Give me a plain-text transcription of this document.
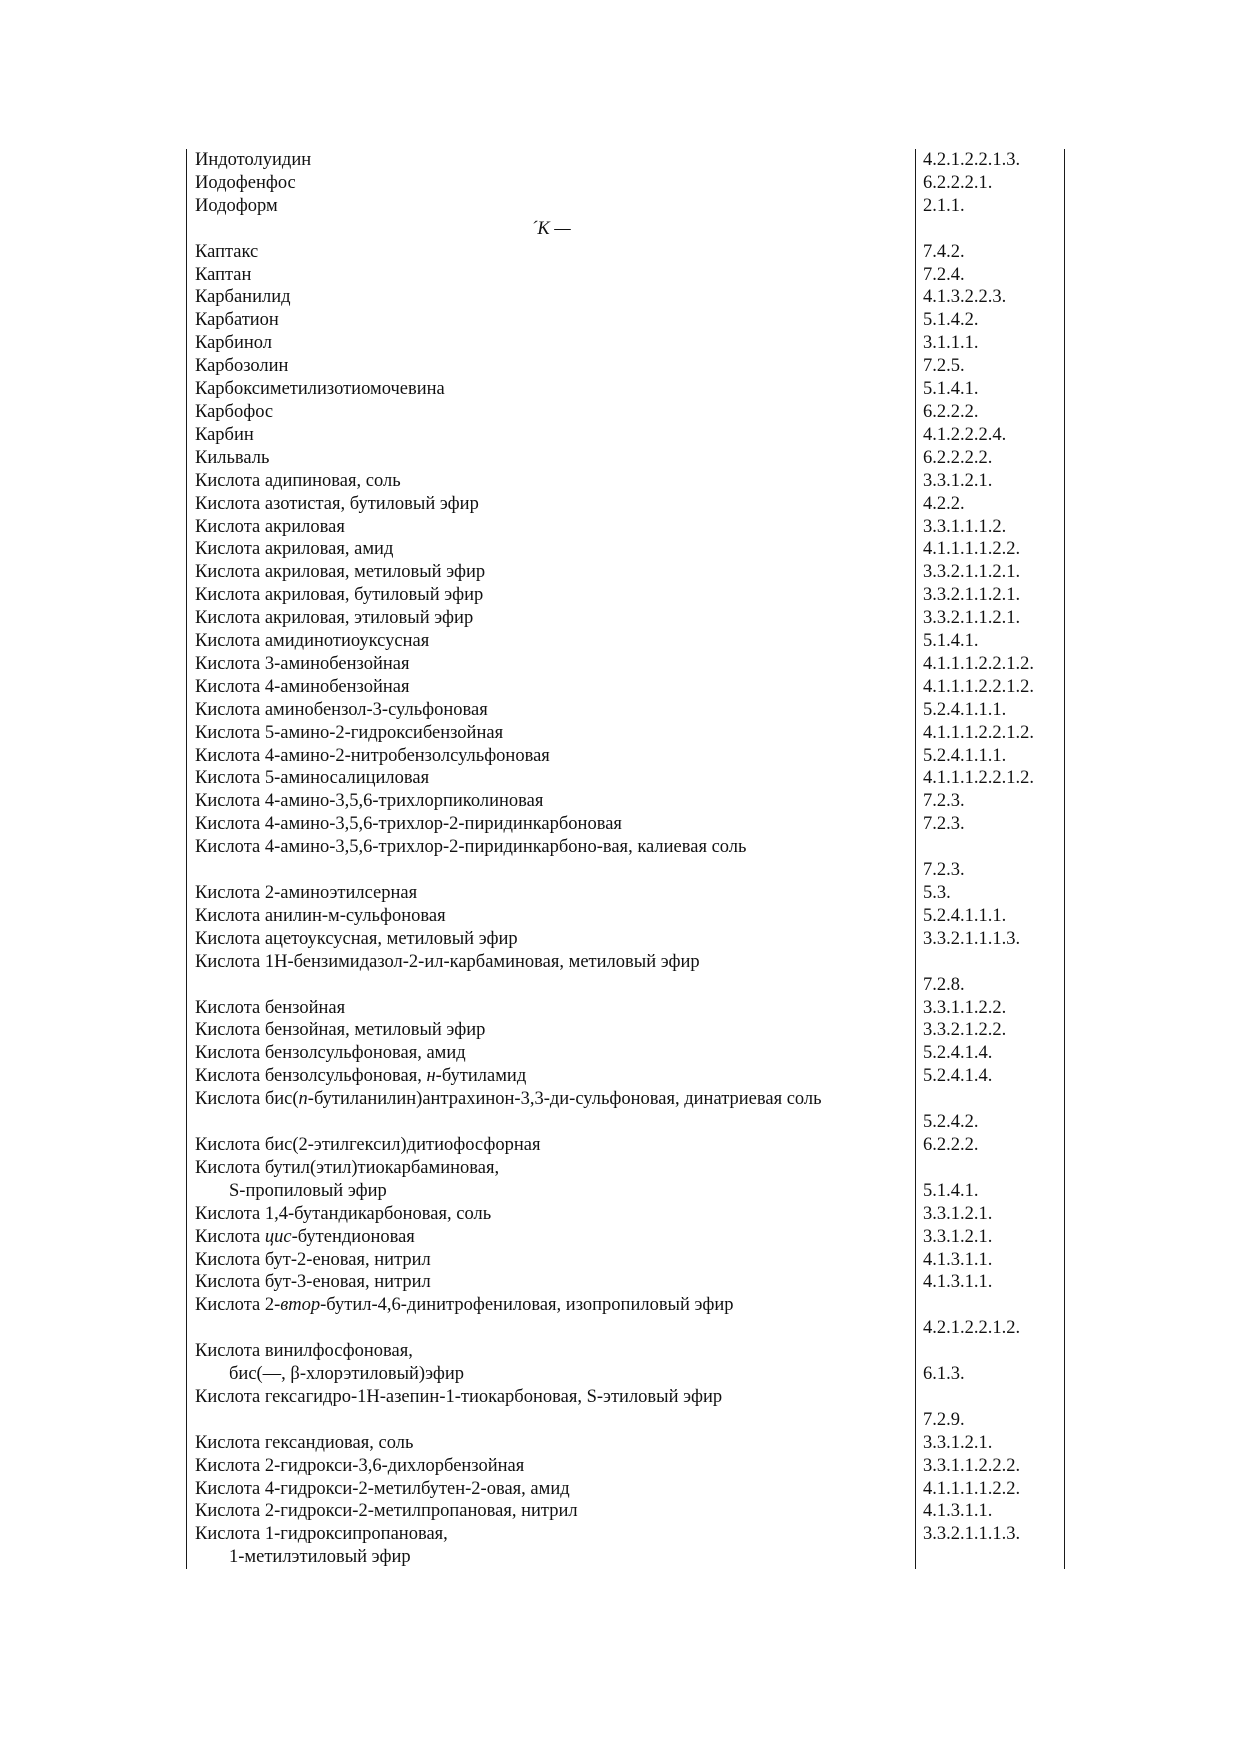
Индотолуидин	4.2.1.2.2.1.3.
Иодофенфос	6.2.2.2.1.
Иодоформ	2.1.1.
´К —
Каптакс	7.4.2.
Каптан	7.2.4.
Карбанилид	4.1.3.2.2.3.
Карбатион	5.1.4.2.
Карбинол	3.1.1.1.
Карбозолин	7.2.5.
Карбоксиметилизотиомочевина	5.1.4.1.
Карбофос	6.2.2.2.
Карбин	4.1.2.2.2.4.
Кильваль	6.2.2.2.2.
Кислота адипиновая, соль	3.3.1.2.1.
Кислота азотистая, бутиловый эфир	4.2.2.
Кислота акриловая	3.3.1.1.1.2.
Кислота акриловая, амид	4.1.1.1.1.2.2.
Кислота акриловая, метиловый эфир	3.3.2.1.1.2.1.
Кислота акриловая, бутиловый эфир	3.3.2.1.1.2.1.
Кислота акриловая, этиловый эфир	3.3.2.1.1.2.1.
Кислота амидинотиоуксусная	5.1.4.1.
Кислота 3-аминобензойная	4.1.1.1.2.2.1.2.
Кислота 4-аминобензойная	4.1.1.1.2.2.1.2.
Кислота аминобензол-3-сульфоновая	5.2.4.1.1.1.
Кислота 5-амино-2-гидроксибензойная	4.1.1.1.2.2.1.2.
Кислота 4-амино-2-нитробензолсульфоновая	5.2.4.1.1.1.
Кислота 5-аминосалициловая	4.1.1.1.2.2.1.2.
Кислота 4-амино-3,5,6-трихлорпиколиновая	7.2.3.
Кислота 4-амино-3,5,6-трихлор-2-пиридинкарбоновая	7.2.3.
Кислота 4-амино-3,5,6-трихлор-2-пиридинкарбоно-вая, калиевая соль
7.2.3.
Кислота 2-аминоэтилсерная	5.3.
Кислота анилин-м-сульфоновая	5.2.4.1.1.1.
Кислота ацетоуксусная, метиловый эфир	3.3.2.1.1.1.3.
Кислота 1Н-бензимидазол-2-ил-карбаминовая, метиловый эфир
7.2.8.
Кислота бензойная	3.3.1.1.2.2.
Кислота бензойная, метиловый эфир	3.3.2.1.2.2.
Кислота бензолсульфоновая, амид	5.2.4.1.4.
Кислота бензолсульфоновая, н-бутиламид	5.2.4.1.4.
Кислота бис(п-бутиланилин)антрахинон-3,3-ди-сульфоновая, динатриевая соль
5.2.4.2.
Кислота бис(2-этилгексил)дитиофосфорная	6.2.2.2.
Кислота бутил(этил)тиокарбаминовая,
S-пропиловый эфир	5.1.4.1.
Кислота 1,4-бутандикарбоновая, соль	3.3.1.2.1.
Кислота цис-бутендионовая	3.3.1.2.1.
Кислота бут-2-еновая, нитрил	4.1.3.1.1.
Кислота бут-3-еновая, нитрил	4.1.3.1.1.
Кислота 2-втор-бутил-4,6-динитрофениловая, изопропиловый эфир
4.2.1.2.2.1.2.
Кислота винилфосфоновая,
бис(—, β-хлорэтиловый)эфир	6.1.3.
Кислота гексагидро-1Н-азепин-1-тиокарбоновая, S-этиловый эфир
7.2.9.
Кислота гександиовая, соль	3.3.1.2.1.
Кислота 2-гидрокси-3,6-дихлорбензойная	3.3.1.1.2.2.2.
Кислота 4-гидрокси-2-метилбутен-2-овая, амид	4.1.1.1.1.2.2.
Кислота 2-гидрокси-2-метилпропановая, нитрил	4.1.3.1.1.
Кислота 1-гидроксипропановая,	3.3.2.1.1.1.3.
1-метилэтиловый эфир
